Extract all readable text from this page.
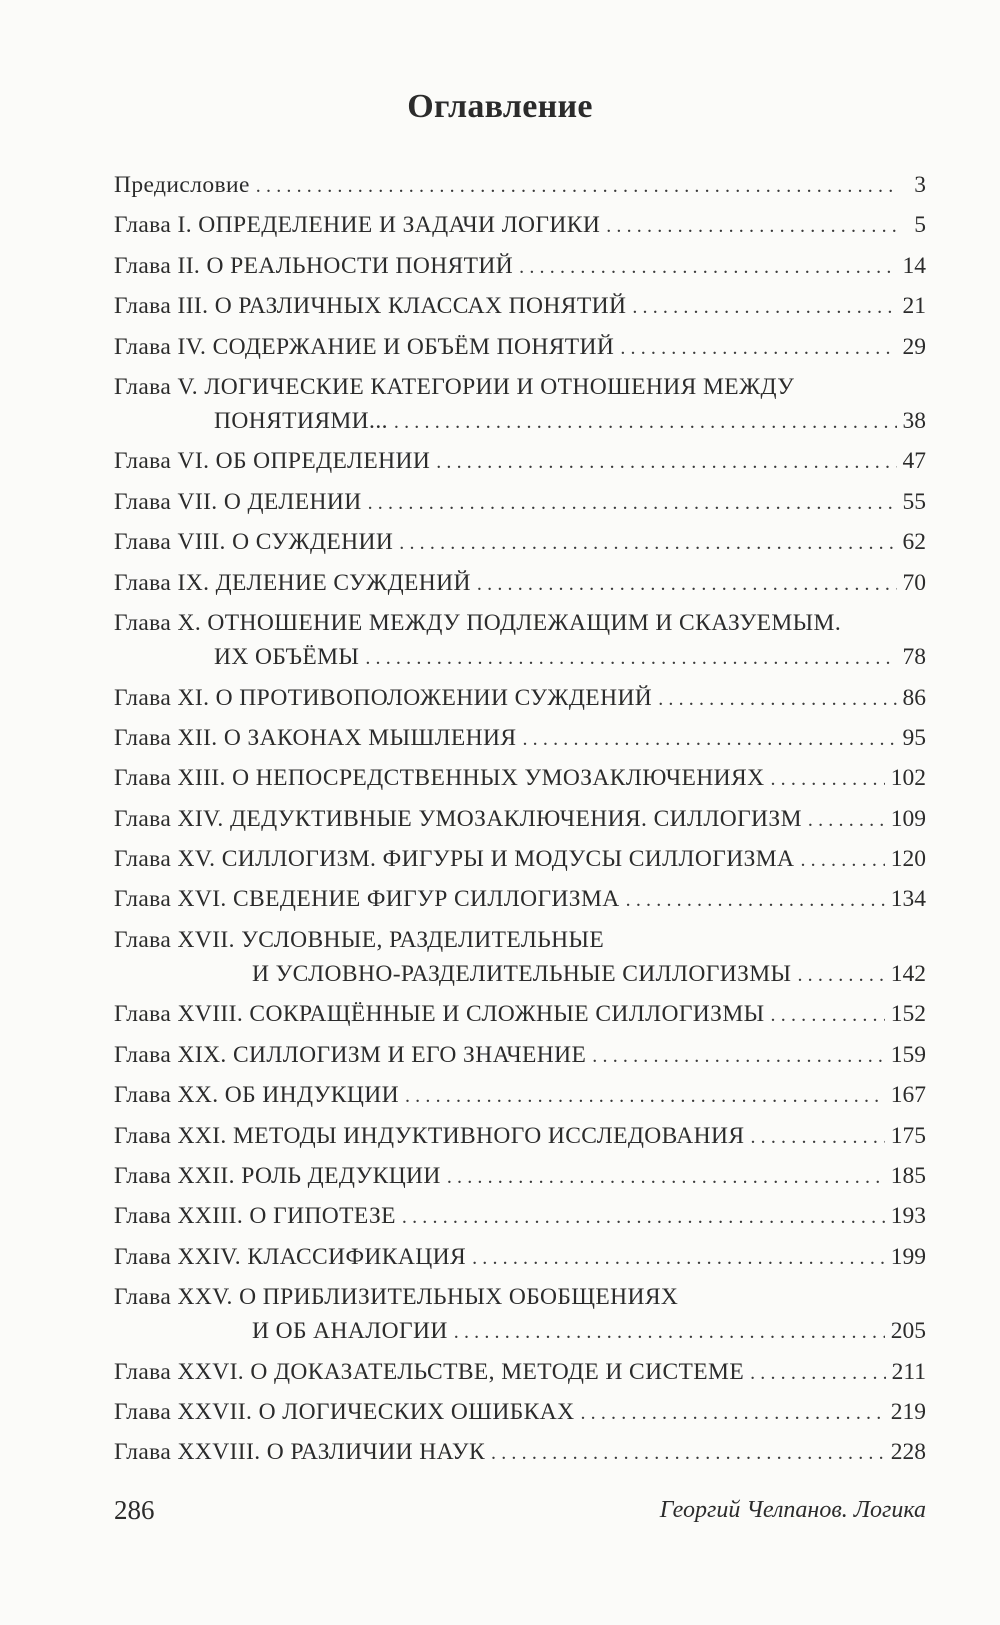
Оглавление
Предисловие .....	3
Глава I. ОПРЕДЕЛЕНИЕ И ЗАДАЧИ ЛОГИКИ .....	5
Глава II. О РЕАЛЬНОСТИ ПОНЯТИЙ .....	14
Глава III. О РАЗЛИЧНЫХ КЛАССАХ ПОНЯТИЙ .....	21
Глава IV. СОДЕРЖАНИЕ И ОБЪЁМ ПОНЯТИЙ .....	29
Глава V. ЛОГИЧЕСКИЕ КАТЕГОРИИ И ОТНОШЕНИЯ МЕЖДУ
ПОНЯТИЯМИ... .....	38
Глава VI. ОБ ОПРЕДЕЛЕНИИ .....	47
Глава VII. О ДЕЛЕНИИ .....	55
Глава VIII. О СУЖДЕНИИ .....	62
Глава IX. ДЕЛЕНИЕ СУЖДЕНИЙ .....	70
Глава X. ОТНОШЕНИЕ МЕЖДУ ПОДЛЕЖАЩИМ И СКАЗУЕМЫМ.
ИХ ОБЪЁМЫ .....	78
Глава XI. О ПРОТИВОПОЛОЖЕНИИ СУЖДЕНИЙ .....	86
Глава XII. О ЗАКОНАХ МЫШЛЕНИЯ .....	95
Глава XIII. О НЕПОСРЕДСТВЕННЫХ УМОЗАКЛЮЧЕНИЯХ .....	102
Глава XIV. ДЕДУКТИВНЫЕ УМОЗАКЛЮЧЕНИЯ. СИЛЛОГИЗМ .....	109
Глава XV. СИЛЛОГИЗМ. ФИГУРЫ И МОДУСЫ СИЛЛОГИЗМА .....	120
Глава XVI. СВЕДЕНИЕ ФИГУР СИЛЛОГИЗМА .....	134
Глава XVII. УСЛОВНЫЕ, РАЗДЕЛИТЕЛЬНЫЕ
И УСЛОВНО-РАЗДЕЛИТЕЛЬНЫЕ СИЛЛОГИЗМЫ .....	142
Глава XVIII. СОКРАЩЁННЫЕ И СЛОЖНЫЕ СИЛЛОГИЗМЫ .....	152
Глава XIX. СИЛЛОГИЗМ И ЕГО ЗНАЧЕНИЕ .....	159
Глава XX. ОБ ИНДУКЦИИ .....	167
Глава XXI. МЕТОДЫ ИНДУКТИВНОГО ИССЛЕДОВАНИЯ .....	175
Глава XXII. РОЛЬ ДЕДУКЦИИ .....	185
Глава XXIII. О ГИПОТЕЗЕ .....	193
Глава XXIV. КЛАССИФИКАЦИЯ .....	199
Глава XXV. О ПРИБЛИЗИТЕЛЬНЫХ ОБОБЩЕНИЯХ
И ОБ АНАЛОГИИ .....	205
Глава XXVI. О ДОКАЗАТЕЛЬСТВЕ, МЕТОДЕ И СИСТЕМЕ .....	211
Глава XXVII. О ЛОГИЧЕСКИХ ОШИБКАХ .....	219
Глава XXVIII. О РАЗЛИЧИИ НАУК .....	228
286	Георгий Челпанов. Логика
